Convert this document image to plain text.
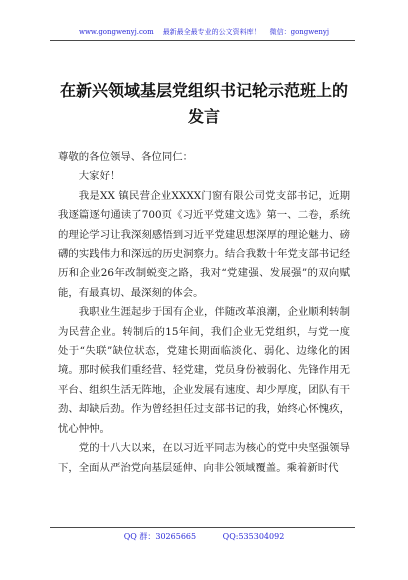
www.gongwenyj.com 最新最全最专业的公文资料库！ 微信：gongwenyj
在新兴领域基层党组织书记轮示范班上的
发言

尊敬的各位领导、各位同仁：

大家好！

我是XX 镇民营企业XXXX门窗有限公司党支部书记，近期我逐篇逐句通读了700页《习近平党建文选》第一、二卷，系统的理论学习让我深刻感悟到习近平党建思想深厚的理论魅力、磅礴的实践伟力和深远的历史洞察力。结合我数十年党支部书记经历和企业26年改制蜕变之路，我对“党建强、发展强”的双向赋能，有最真切、最深刻的体会。

我职业生涯起步于国有企业，伴随改革浪潮，企业顺利转制为民营企业。转制后的15年间，我们企业无党组织，与党一度处于“失联”缺位状态，党建长期面临淡化、弱化、边缘化的困境。那时候我们重经营、轻党建，党员身份被弱化、先锋作用无平台、组织生活无阵地，企业发展有速度、却少厚度，团队有干劲、却缺后劲。作为曾经担任过支部书记的我，始终心怀愧疚，忧心忡忡。

党的十八大以来，在以习近平同志为核心的党中央坚强领导下，全面从严治党向基层延伸、向非公领域覆盖。乘着新时代

QQ 群：30265665	QQ:535304092
